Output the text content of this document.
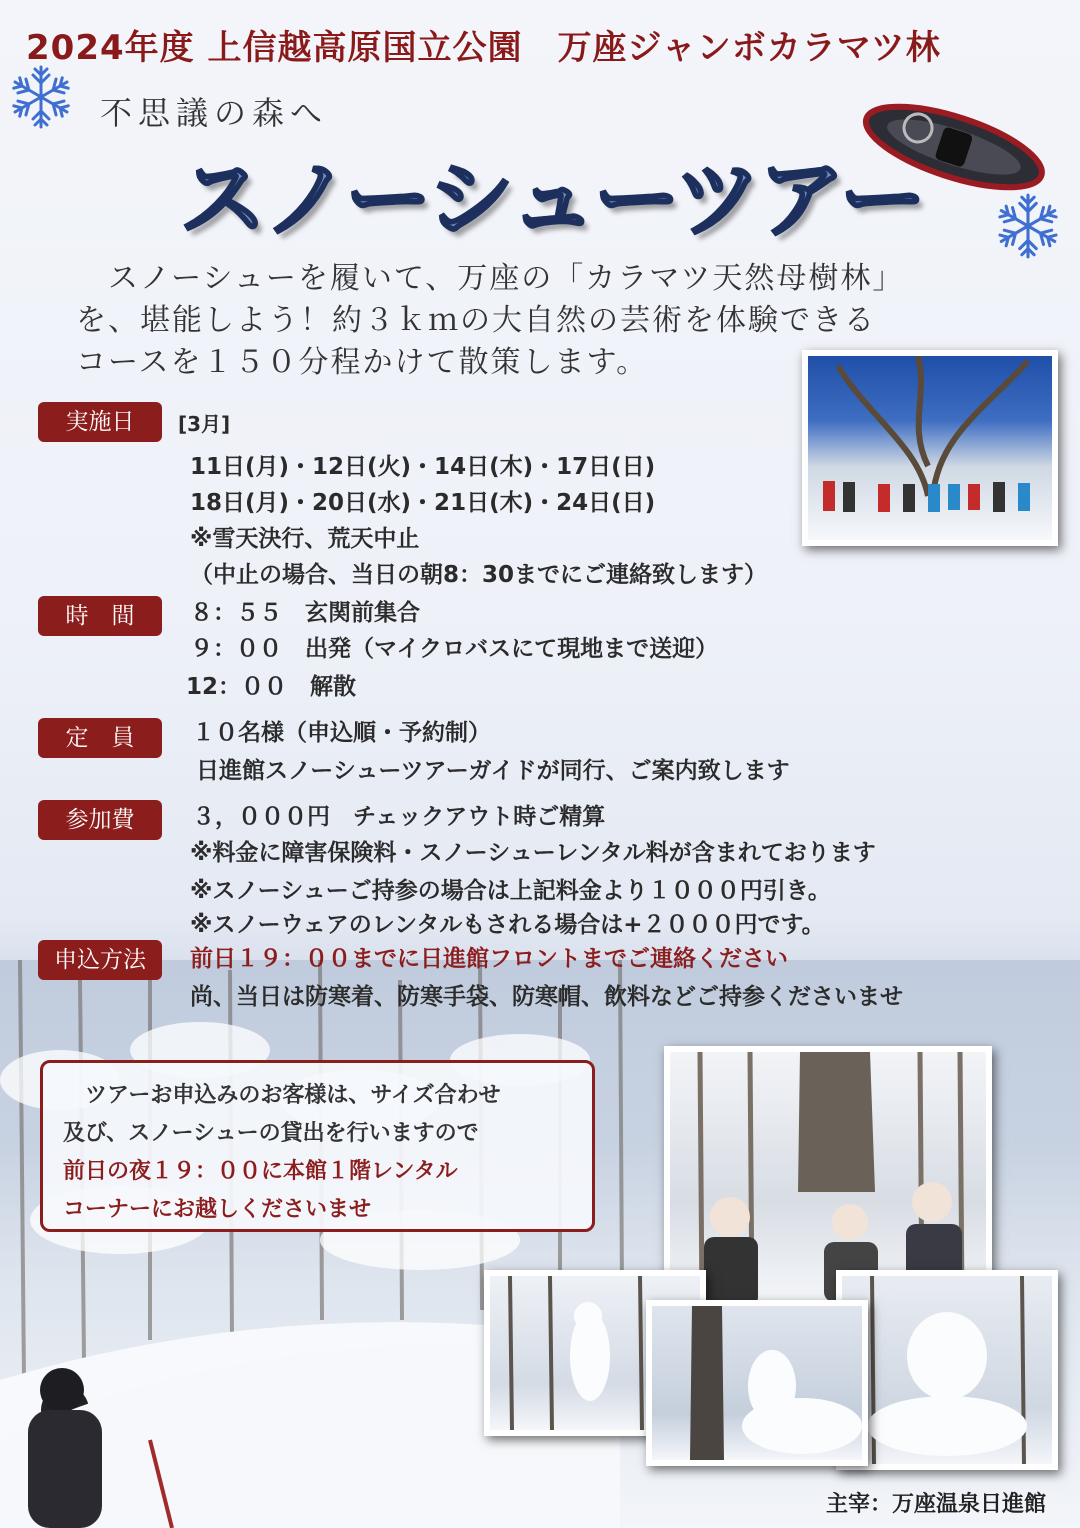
2024年度 上信越高原国立公園　万座ジャンボカラマツ林
不思議の森へ
スノーシューツアー
　スノーシューを履いて、万座の「カラマツ天然母樹林」
を、堪能しよう！約３ｋｍの大自然の芸術を体験できる
コースを１５０分程かけて散策します。
実施日	[3月]
11日(月)・12日(火)・14日(木)・17日(日)
18日(月)・20日(水)・21日(木)・24日(日)
※雪天決行、荒天中止
（中止の場合、当日の朝8：30までにご連絡致します）
時　間	８：５５　玄関前集合
９：００　出発（マイクロバスにて現地まで送迎）
12：００　解散
定　員	１０名様（申込順・予約制）
日進館スノーシューツアーガイドが同行、ご案内致します
参加費	３，０００円　チェックアウト時ご精算
※料金に障害保険料・スノーシューレンタル料が含まれております
※スノーシューご持参の場合は上記料金より１０００円引き。
※スノーウェアのレンタルもされる場合は+２０００円です。
申込方法	前日１９：００までに日進館フロントまでご連絡ください
尚、当日は防寒着、防寒手袋、防寒帽、飲料などご持参くださいませ
　ツアーお申込みのお客様は、サイズ合わせ
及び、スノーシューの貸出を行いますので
前日の夜１９：００に本館１階レンタル
コーナーにお越しくださいませ
主宰：万座温泉日進館
